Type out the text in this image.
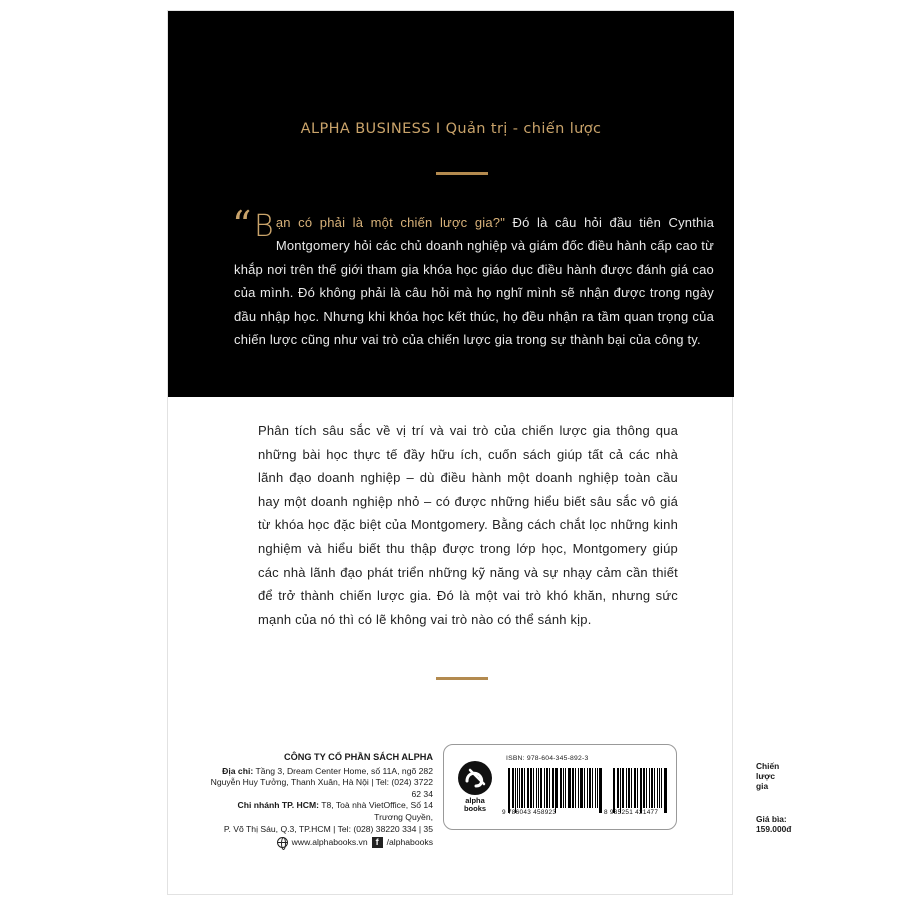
ALPHA BUSINESS I Quản trị - chiến lược
“ B ạn có phải là một chiến lược gia?" Đó là câu hỏi đầu tiên Cynthia Montgomery hỏi các chủ doanh nghiệp và giám đốc điều hành cấp cao từ khắp nơi trên thế giới tham gia khóa học giáo dục điều hành được đánh giá cao của mình. Đó không phải là câu hỏi mà họ nghĩ mình sẽ nhận được trong ngày đầu nhập học. Nhưng khi khóa học kết thúc, họ đều nhận ra tầm quan trọng của chiến lược cũng như vai trò của chiến lược gia trong sự thành bại của công ty.
Phân tích sâu sắc về vị trí và vai trò của chiến lược gia thông qua những bài học thực tế đầy hữu ích, cuốn sách giúp tất cả các nhà lãnh đạo doanh nghiệp – dù điều hành một doanh nghiệp toàn cầu hay một doanh nghiệp nhỏ – có được những hiểu biết sâu sắc vô giá từ khóa học đặc biệt của Montgomery. Bằng cách chắt lọc những kinh nghiệm và hiểu biết thu thập được trong lớp học, Montgomery giúp các nhà lãnh đạo phát triển những kỹ năng và sự nhạy cảm cần thiết để trở thành chiến lược gia. Đó là một vai trò khó khăn, nhưng sức mạnh của nó thì có lẽ không vai trò nào có thể sánh kịp.
CÔNG TY CỔ PHẦN SÁCH ALPHA
Địa chỉ: Tầng 3, Dream Center Home, số 11A, ngõ 282
Nguyễn Huy Tưởng, Thanh Xuân, Hà Nội | Tel: (024) 3722 62 34
Chi nhánh TP. HCM: T8, Toà nhà VietOffice, Số 14 Trương Quyền,
P. Võ Thị Sáu, Q.3, TP.HCM | Tel: (028) 38220 334 | 35
www.alphabooks.vn f /alphabooks
alpha
books
ISBN: 978-604-345-892-3
9 786043 458923	8 935251 421477
Chiến lược gia
Giá bìa: 159.000đ
